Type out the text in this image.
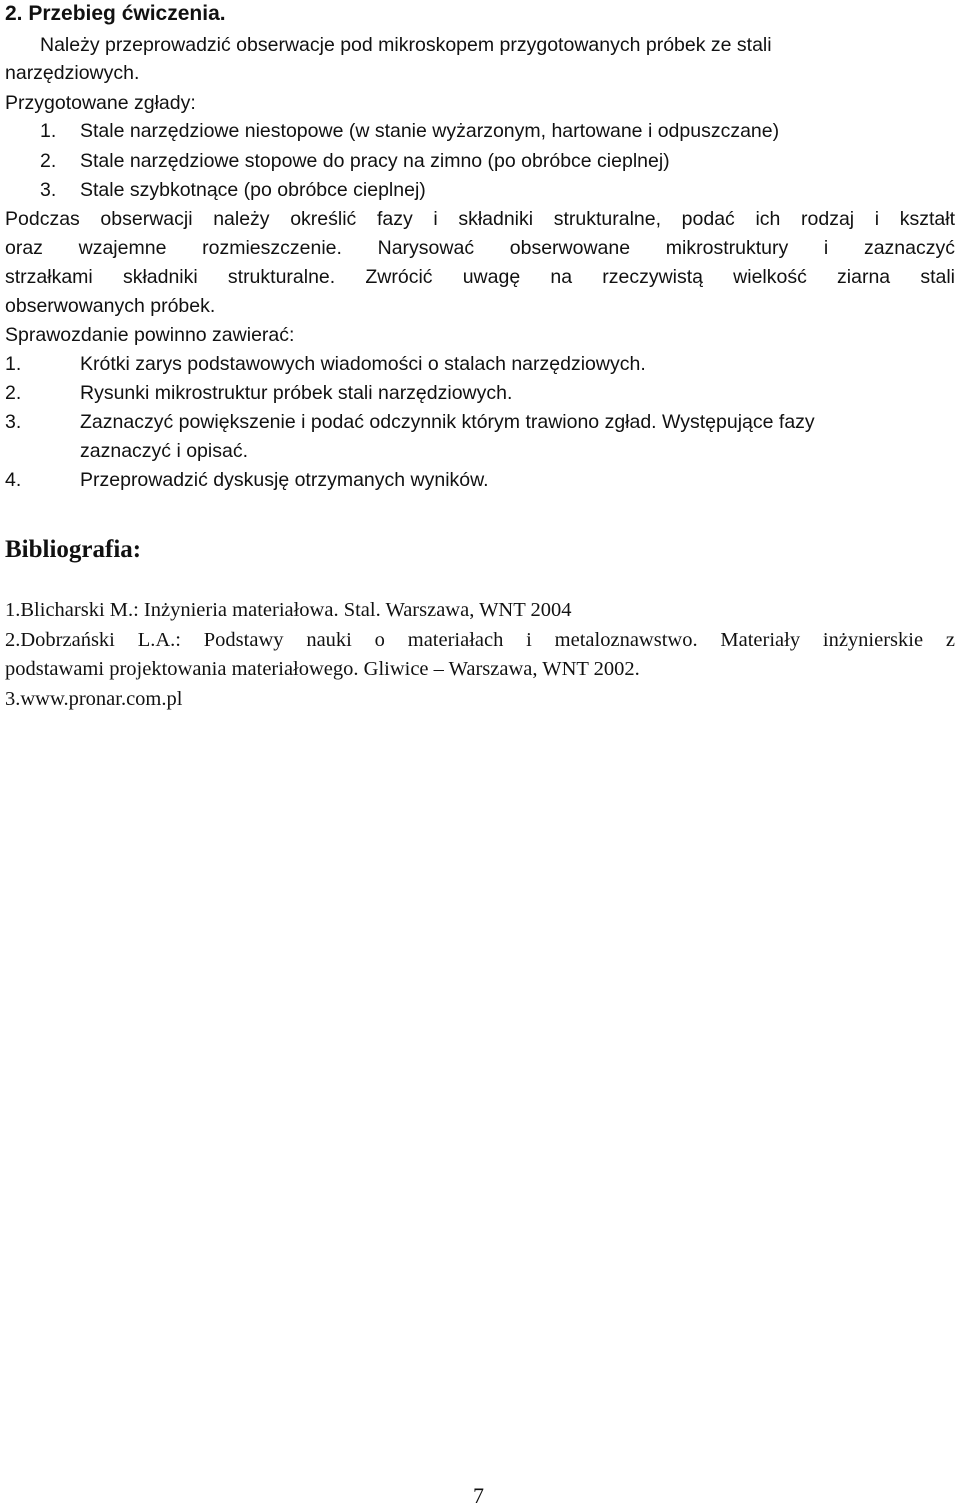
2. Przebieg ćwiczenia.
Należy przeprowadzić obserwacje pod mikroskopem przygotowanych próbek ze stali
narzędziowych.
Przygotowane zgłady:
1. Stale narzędziowe niestopowe (w stanie wyżarzonym, hartowane i odpuszczane)
2. Stale narzędziowe stopowe do pracy na zimno (po obróbce cieplnej)
3. Stale szybkotnące (po obróbce cieplnej)
Podczas obserwacji należy określić fazy i składniki strukturalne, podać ich rodzaj i kształt
oraz wzajemne rozmieszczenie. Narysować obserwowane mikrostruktury i zaznaczyć
strzałkami składniki strukturalne. Zwrócić uwagę na rzeczywistą wielkość ziarna stali
obserwowanych próbek.
Sprawozdanie powinno zawierać:
1.	Krótki zarys podstawowych wiadomości o stalach narzędziowych.
2.	Rysunki mikrostruktur próbek stali narzędziowych.
3.	Zaznaczyć powiększenie i podać odczynnik którym trawiono zgład. Występujące fazy
zaznaczyć i opisać.
4.	Przeprowadzić dyskusję otrzymanych wyników.
Bibliografia:
1.Blicharski M.: Inżynieria materiałowa. Stal. Warszawa, WNT 2004
2.Dobrzański L.A.: Podstawy nauki o materiałach i metaloznawstwo. Materiały inżynierskie z
podstawami projektowania materiałowego. Gliwice – Warszawa, WNT 2002.
3.www.pronar.com.pl
7
